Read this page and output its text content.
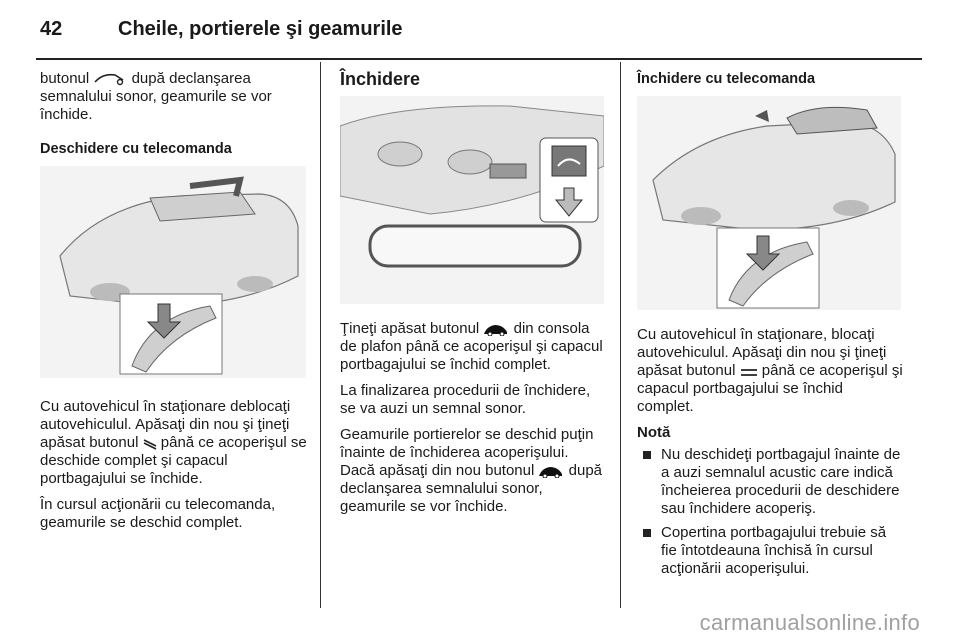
42	Cheile, portierele şi geamurile

butonul	după declanşarea semnalului sonor, geamurile se vor închide.

Deschidere cu telecomanda

Cu autovehicul în staţionare deblocaţi autovehiculul. Apăsaţi din nou şi ţineţi apăsat butonul până ce acoperişul se deschide complet şi capacul portbagajului se închide.

În cursul acţionării cu telecomanda, geamurile se deschid complet.

Închidere

Ţineţi apăsat butonul din consola de plafon până ce acoperişul şi capacul portbagajului se închid complet.

La finalizarea procedurii de închidere, se va auzi un semnal sonor.

Geamurile portierelor se deschid puţin înainte de închiderea acoperişului. Dacă apăsaţi din nou butonul după declanşarea semnalului sonor, geamurile se vor închide.

Închidere cu telecomanda

Cu autovehicul în staţionare, blocaţi autovehiculul. Apăsaţi din nou şi ţineţi apăsat butonul până ce acoperişul şi capacul portbagajului se închid complet.

Notă

Nu deschideţi portbagajul înainte de a auzi semnalul acustic care indică încheierea procedurii de deschidere sau închidere acoperiş.
Copertina portbagajului trebuie să fie întotdeauna închisă în cursul acţionării acoperişului.
carmanualsonline.info
